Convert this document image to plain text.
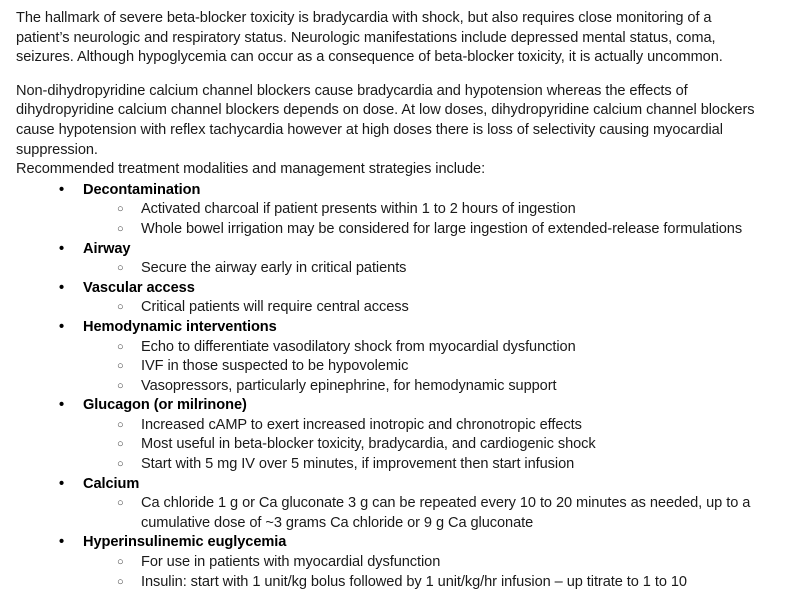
The hallmark of severe beta-blocker toxicity is bradycardia with shock, but also requires close monitoring of a patient’s neurologic and respiratory status. Neurologic manifestations include depressed mental status, coma, seizures. Although hypoglycemia can occur as a consequence of beta-blocker toxicity, it is actually uncommon.

Non-dihydropyridine calcium channel blockers cause bradycardia and hypotension whereas the effects of dihydropyridine calcium channel blockers depends on dose. At low doses, dihydropyridine calcium channel blockers cause hypotension with reflex tachycardia however at high doses there is loss of selectivity causing myocardial suppression.

Recommended treatment modalities and management strategies include:
•	Decontamination
○	Activated charcoal if patient presents within 1 to 2 hours of ingestion
○	Whole bowel irrigation may be considered for large ingestion of extended-release formulations
•	Airway
○	Secure the airway early in critical patients
•	Vascular access
○	Critical patients will require central access
•	Hemodynamic interventions
○	Echo to differentiate vasodilatory shock from myocardial dysfunction
○	IVF in those suspected to be hypovolemic
○	Vasopressors, particularly epinephrine, for hemodynamic support
•	Glucagon (or milrinone)
○	Increased cAMP to exert increased inotropic and chronotropic effects
○	Most useful in beta-blocker toxicity, bradycardia, and cardiogenic shock
○	Start with 5 mg IV over 5 minutes, if improvement then start infusion
•	Calcium
○	Ca chloride 1 g or Ca gluconate 3 g can be repeated every 10 to 20 minutes as needed, up to a cumulative dose of ~3 grams Ca chloride or 9 g Ca gluconate
•	Hyperinsulinemic euglycemia
○	For use in patients with myocardial dysfunction
○	Insulin: start with 1 unit/kg bolus followed by 1 unit/kg/hr infusion – up titrate to 1 to 10
